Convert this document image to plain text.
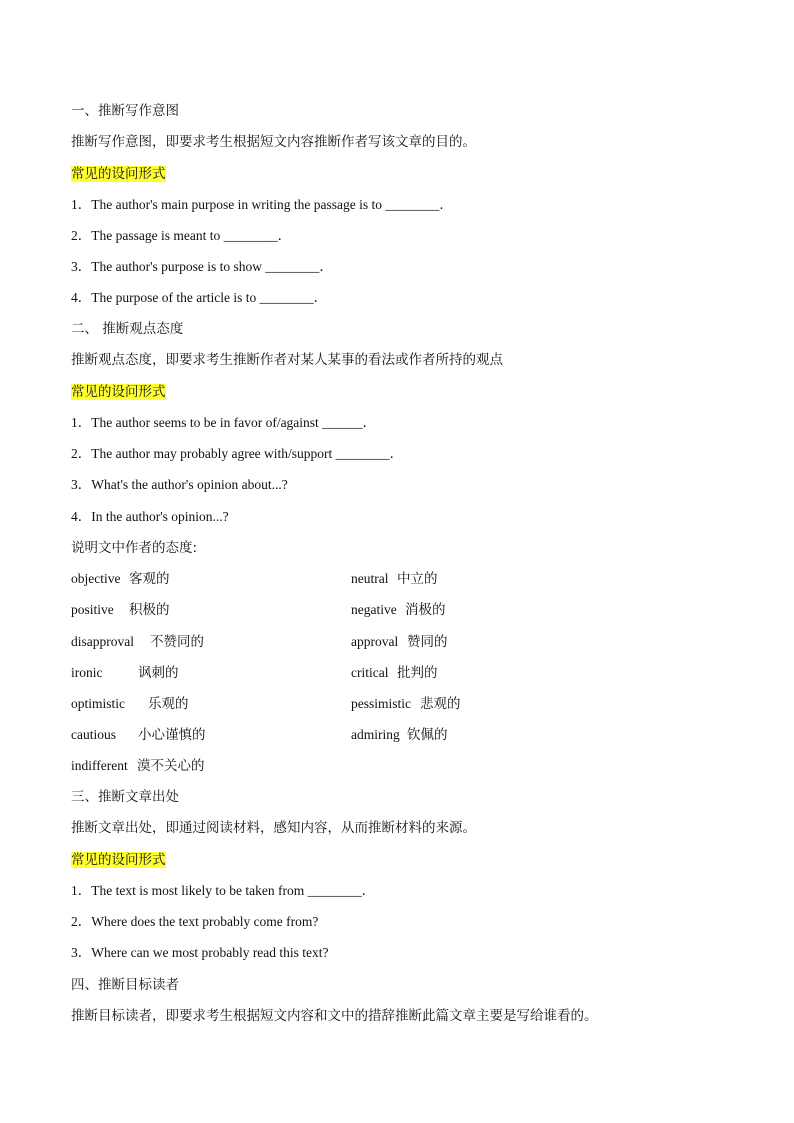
一、推断写作意图
推断写作意图，即要求考生根据短文内容推断作者写该文章的目的。
常见的设问形式
1．The author's main purpose in writing the passage is to ________．
2．The passage is meant to ________．
3．The author's purpose is to show ________．
4．The purpose of the article is to ________．
二、 推断观点态度
推断观点态度，即要求考生推断作者对某人某事的看法或作者所持的观点
常见的设问形式
1．The author seems to be in favor of/against ______．
2．The author may probably agree with/support ________．
3．What's the author's opinion about...?
4．In the author's opinion...?
说明文中作者的态度:
objective 客观的
positive 积极的
disapproval 不赞同的
ironic	讽刺的
optimistic 乐观的
cautious 小心谨慎的
indifferent 漠不关心的
neutral 中立的
negative 消极的
approval 赞同的
critical 批判的
pessimistic 悲观的
admiring 钦佩的
三、推断文章出处
推断文章出处，即通过阅读材料，感知内容，从而推断材料的来源。
常见的设问形式
1．The text is most likely to be taken from ________．
2．Where does the text probably come from?
3．Where can we most probably read this text?
四、推断目标读者
推断目标读者，即要求考生根据短文内容和文中的措辞推断此篇文章主要是写给谁看的。
